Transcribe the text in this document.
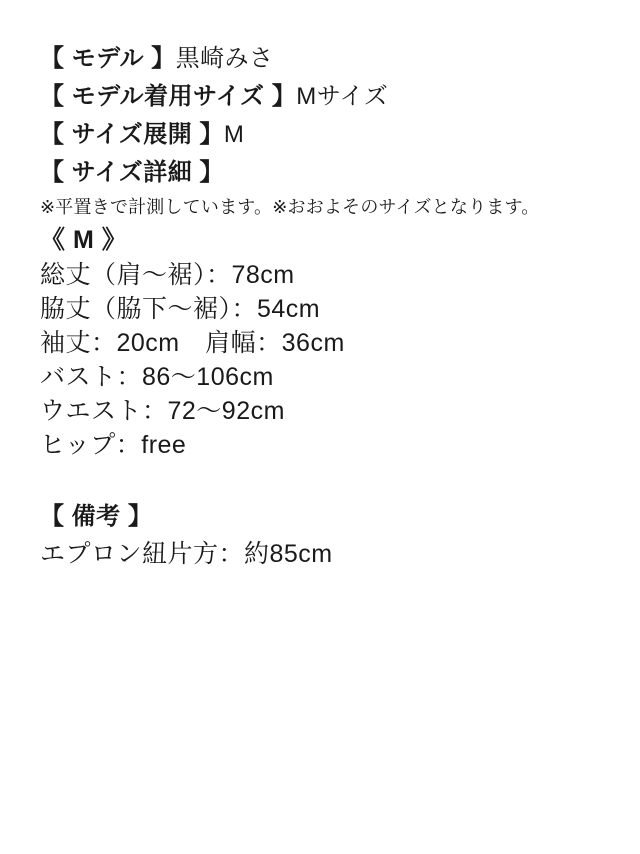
【 モデル 】黒崎みさ
【 モデル着用サイズ 】Mサイズ
【 サイズ展開 】M
【 サイズ詳細 】
※平置きで計測しています。※おおよそのサイズとなります。
《 M 》
総丈（肩～裾）：78cm
脇丈（脇下～裾）：54cm
袖丈：20cm　肩幅：36cm
バスト：86～106cm
ウエスト：72～92cm
ヒップ：free
【 備考 】
エプロン紐片方：約85cm
